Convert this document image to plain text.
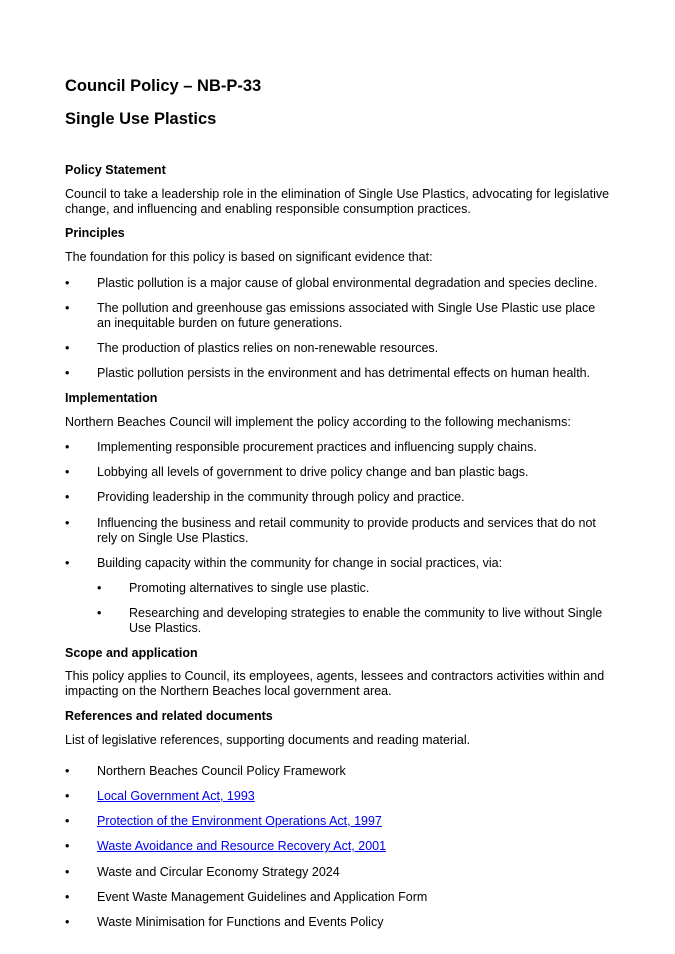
Council Policy – NB-P-33
Single Use Plastics
Policy Statement

Council to take a leadership role in the elimination of Single Use Plastics, advocating for legislative

change, and influencing and enabling responsible consumption practices.

Principles

The foundation for this policy is based on significant evidence that:

• Plastic pollution is a major cause of global environmental degradation and species decline.

• The pollution and greenhouse gas emissions associated with Single Use Plastic use place

an inequitable burden on future generations.

• The production of plastics relies on non-renewable resources.

• Plastic pollution persists in the environment and has detrimental effects on human health.

Implementation

Northern Beaches Council will implement the policy according to the following mechanisms:

• Implementing responsible procurement practices and influencing supply chains.

• Lobbying all levels of government to drive policy change and ban plastic bags.

• Providing leadership in the community through policy and practice.

• Influencing the business and retail community to provide products and services that do not

rely on Single Use Plastics.

• Building capacity within the community for change in social practices, via:

• Promoting alternatives to single use plastic.

• Researching and developing strategies to enable the community to live without Single

Use Plastics.

Scope and application

This policy applies to Council, its employees, agents, lessees and contractors activities within and

impacting on the Northern Beaches local government area.

References and related documents

List of legislative references, supporting documents and reading material.

• Northern Beaches Council Policy Framework

• Local Government Act, 1993
• Protection of the Environment Operations Act, 1997
• Waste Avoidance and Resource Recovery Act, 2001
• Waste and Circular Economy Strategy 2024

• Event Waste Management Guidelines and Application Form

• Waste Minimisation for Functions and Events Policy
